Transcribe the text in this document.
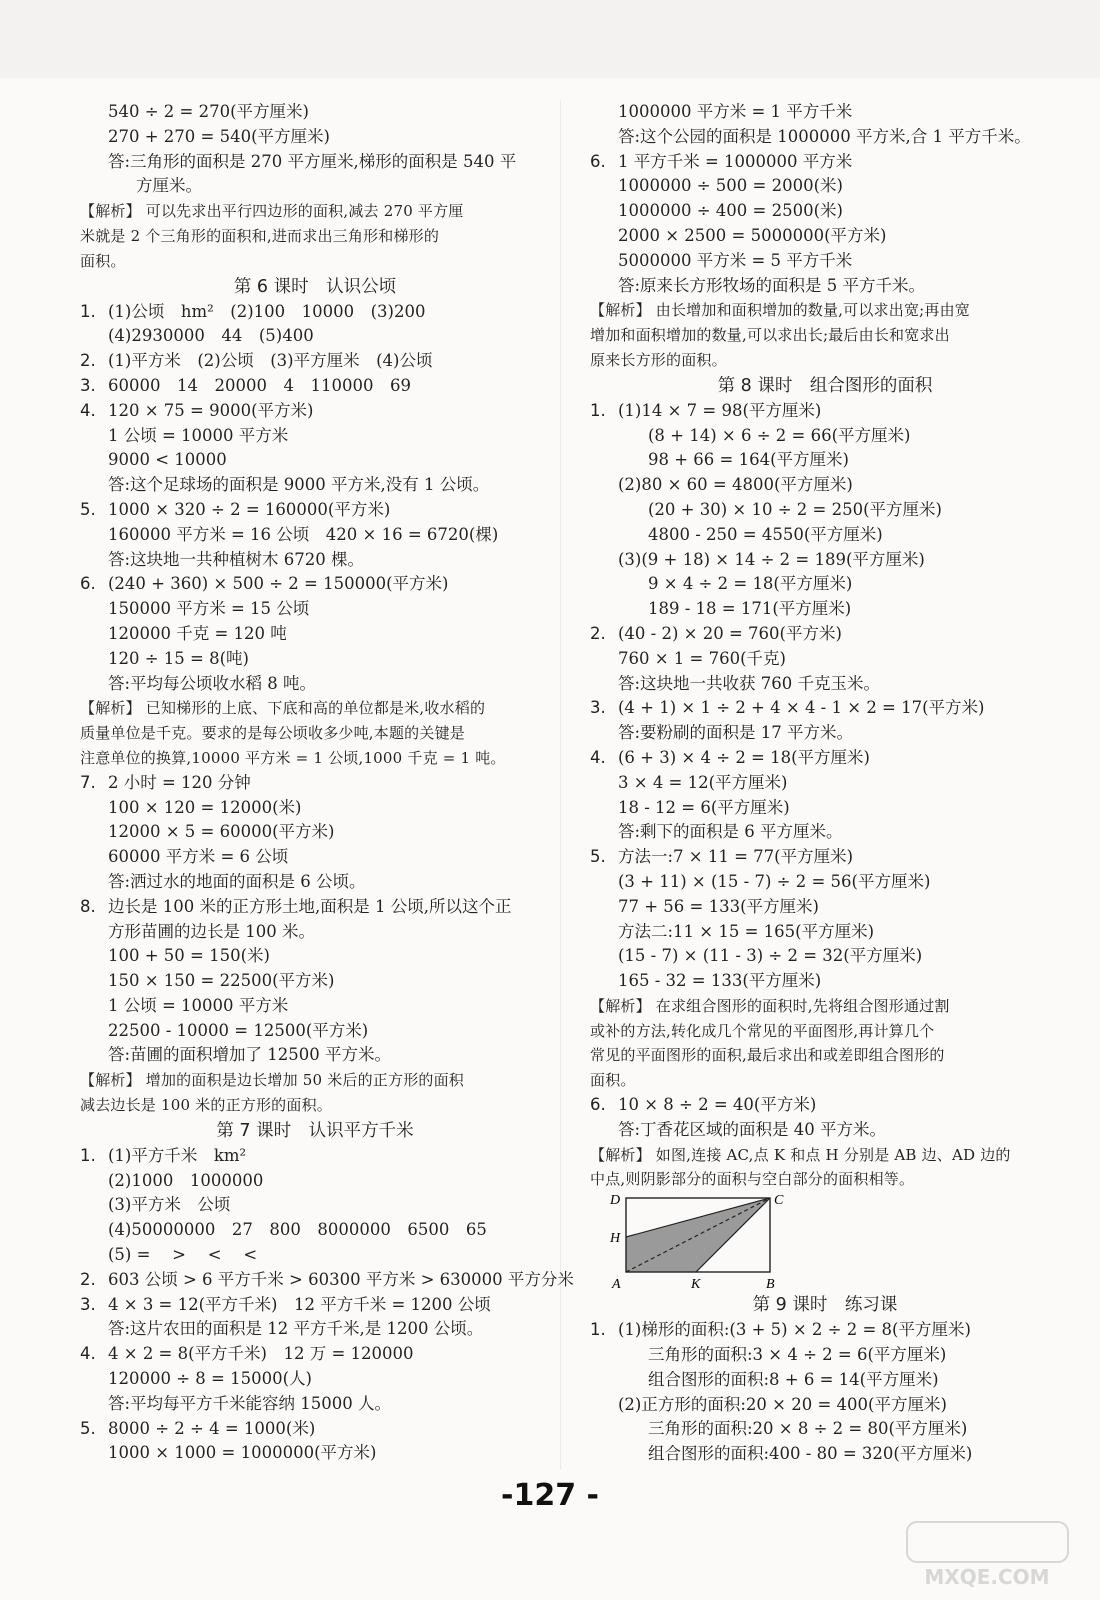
540 ÷ 2 = 270(平方厘米)
270 + 270 = 540(平方厘米)
答:三角形的面积是 270 平方厘米,梯形的面积是 540 平
方厘米。
【解析】 可以先求出平行四边形的面积,减去 270 平方厘
米就是 2 个三角形的面积和,进而求出三角形和梯形的
面积。
第 6 课时　认识公顷
1. (1)公顷　hm²　(2)100　10000　(3)200
(4)2930000　44　(5)400
2. (1)平方米　(2)公顷　(3)平方厘米　(4)公顷
3. 60000　14　20000　4　110000　69
4. 120 × 75 = 9000(平方米)
1 公顷 = 10000 平方米
9000 < 10000
答:这个足球场的面积是 9000 平方米,没有 1 公顷。
5. 1000 × 320 ÷ 2 = 160000(平方米)
160000 平方米 = 16 公顷　420 × 16 = 6720(棵)
答:这块地一共种植树木 6720 棵。
6. (240 + 360) × 500 ÷ 2 = 150000(平方米)
150000 平方米 = 15 公顷
120000 千克 = 120 吨
120 ÷ 15 = 8(吨)
答:平均每公顷收水稻 8 吨。
【解析】 已知梯形的上底、下底和高的单位都是米,收水稻的
质量单位是千克。要求的是每公顷收多少吨,本题的关键是
注意单位的换算,10000 平方米 = 1 公顷,1000 千克 = 1 吨。
7. 2 小时 = 120 分钟
100 × 120 = 12000(米)
12000 × 5 = 60000(平方米)
60000 平方米 = 6 公顷
答:洒过水的地面的面积是 6 公顷。
8. 边长是 100 米的正方形土地,面积是 1 公顷,所以这个正
方形苗圃的边长是 100 米。
100 + 50 = 150(米)
150 × 150 = 22500(平方米)
1 公顷 = 10000 平方米
22500 - 10000 = 12500(平方米)
答:苗圃的面积增加了 12500 平方米。
【解析】 增加的面积是边长增加 50 米后的正方形的面积
减去边长是 100 米的正方形的面积。
第 7 课时　认识平方千米
1. (1)平方千米　km²
(2)1000　1000000
(3)平方米　公顷
(4)50000000　27　800　8000000　6500　65
(5) =　 >　 <　 <
2. 603 公顷 > 6 平方千米 > 60300 平方米 > 630000 平方分米
3. 4 × 3 = 12(平方千米)　12 平方千米 = 1200 公顷
答:这片农田的面积是 12 平方千米,是 1200 公顷。
4. 4 × 2 = 8(平方千米)　12 万 = 120000
120000 ÷ 8 = 15000(人)
答:平均每平方千米能容纳 15000 人。
5. 8000 ÷ 2 ÷ 4 = 1000(米)
1000 × 1000 = 1000000(平方米)
1000000 平方米 = 1 平方千米
答:这个公园的面积是 1000000 平方米,合 1 平方千米。
6. 1 平方千米 = 1000000 平方米
1000000 ÷ 500 = 2000(米)
1000000 ÷ 400 = 2500(米)
2000 × 2500 = 5000000(平方米)
5000000 平方米 = 5 平方千米
答:原来长方形牧场的面积是 5 平方千米。
【解析】 由长增加和面积增加的数量,可以求出宽;再由宽
增加和面积增加的数量,可以求出长;最后由长和宽求出
原来长方形的面积。
第 8 课时　组合图形的面积
1. (1)14 × 7 = 98(平方厘米)
(8 + 14) × 6 ÷ 2 = 66(平方厘米)
98 + 66 = 164(平方厘米)
(2)80 × 60 = 4800(平方厘米)
(20 + 30) × 10 ÷ 2 = 250(平方厘米)
4800 - 250 = 4550(平方厘米)
(3)(9 + 18) × 14 ÷ 2 = 189(平方厘米)
9 × 4 ÷ 2 = 18(平方厘米)
189 - 18 = 171(平方厘米)
2. (40 - 2) × 20 = 760(平方米)
760 × 1 = 760(千克)
答:这块地一共收获 760 千克玉米。
3. (4 + 1) × 1 ÷ 2 + 4 × 4 - 1 × 2 = 17(平方米)
答:要粉刷的面积是 17 平方米。
4. (6 + 3) × 4 ÷ 2 = 18(平方厘米)
3 × 4 = 12(平方厘米)
18 - 12 = 6(平方厘米)
答:剩下的面积是 6 平方厘米。
5. 方法一:7 × 11 = 77(平方厘米)
(3 + 11) × (15 - 7) ÷ 2 = 56(平方厘米)
77 + 56 = 133(平方厘米)
方法二:11 × 15 = 165(平方厘米)
(15 - 7) × (11 - 3) ÷ 2 = 32(平方厘米)
165 - 32 = 133(平方厘米)
【解析】 在求组合图形的面积时,先将组合图形通过割
或补的方法,转化成几个常见的平面图形,再计算几个
常见的平面图形的面积,最后求出和或差即组合图形的
面积。
6. 10 × 8 ÷ 2 = 40(平方米)
答:丁香花区域的面积是 40 平方米。
【解析】 如图,连接 AC,点 K 和点 H 分别是 AB 边、AD 边的
中点,则阴影部分的面积与空白部分的面积相等。
D	C
H
A	K	B
第 9 课时　练习课
1. (1)梯形的面积:(3 + 5) × 2 ÷ 2 = 8(平方厘米)
三角形的面积:3 × 4 ÷ 2 = 6(平方厘米)
组合图形的面积:8 + 6 = 14(平方厘米)
(2)正方形的面积:20 × 20 = 400(平方厘米)
三角形的面积:20 × 8 ÷ 2 = 80(平方厘米)
组合图形的面积:400 - 80 = 320(平方厘米)
-127 -
MXQE.COM
